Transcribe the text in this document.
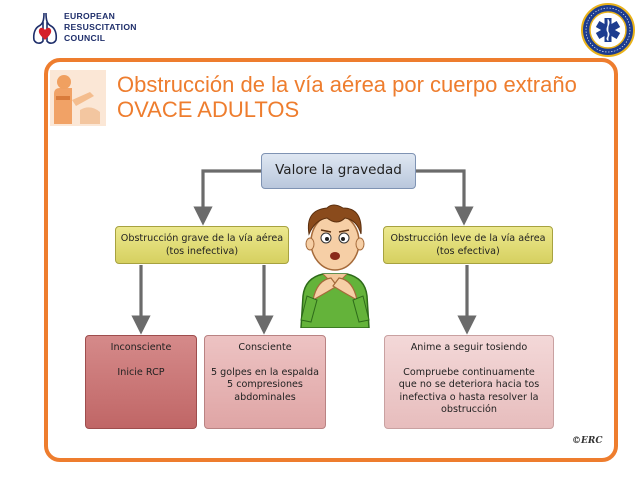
EUROPEAN
RESUSCITATION
COUNCIL
Obstrucción de la vía aérea por cuerpo extraño OVACE ADULTOS
Valore la gravedad
Obstrucción grave de la vía aérea
(tos inefectiva)
Obstrucción leve de la vía aérea
(tos efectiva)
Inconsciente
Inicie RCP
Consciente
5 golpes en la espalda
5 compresiones
abdominales
Anime a seguir tosiendo
Compruebe continuamente
que no se deteriora hacia tos
inefectiva o hasta resolver la
obstrucción
©ERC
